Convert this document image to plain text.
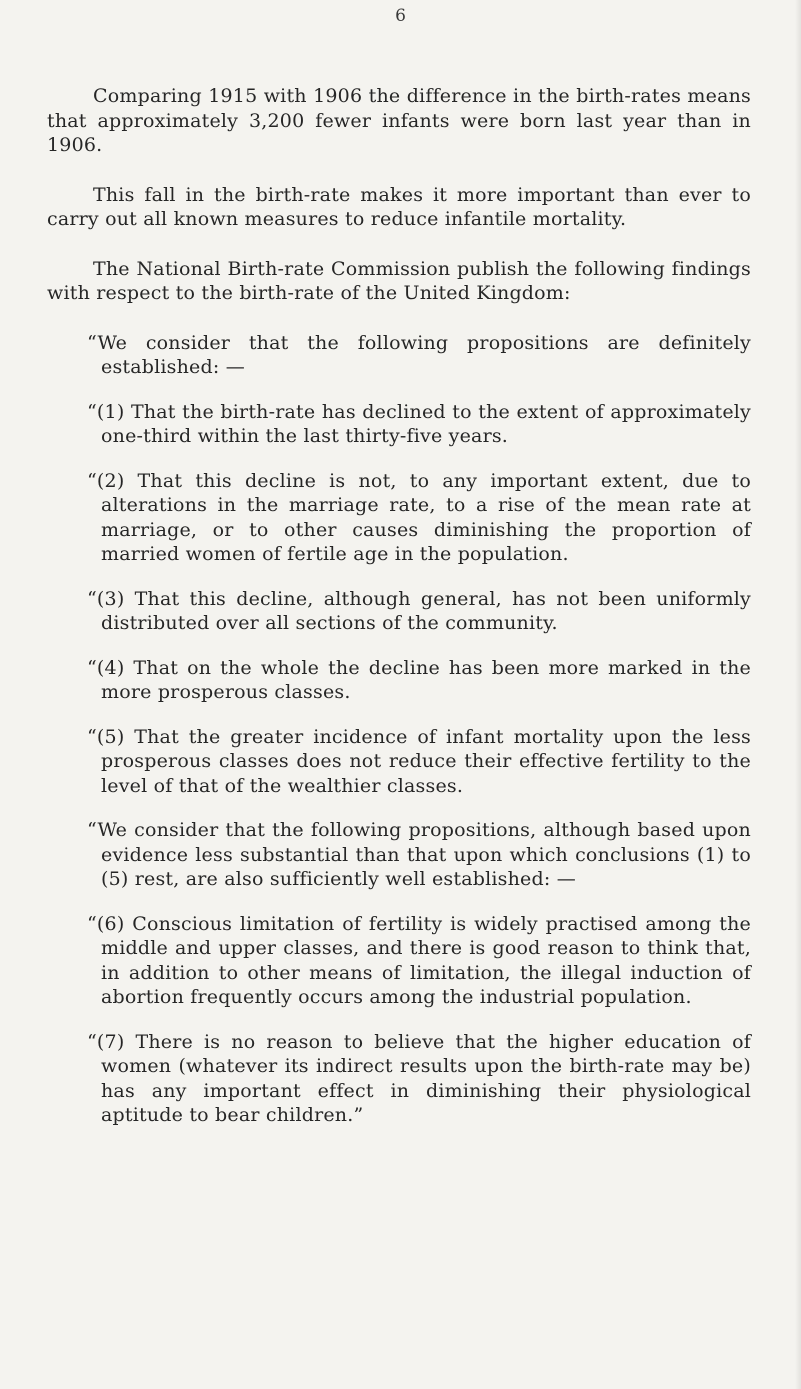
6

Comparing 1915 with 1906 the difference in the birth-rates means that approximately 3,200 fewer infants were born last year than in 1906.

This fall in the birth-rate makes it more important than ever to carry out all known measures to reduce infantile mortality.

The National Birth-rate Commission publish the following findings with respect to the birth-rate of the United Kingdom:

“We consider that the following propositions are definitely established: —

“(1) That the birth-rate has declined to the extent of approximately one-third within the last thirty-five years.

“(2) That this decline is not, to any important extent, due to alterations in the marriage rate, to a rise of the mean rate at marriage, or to other causes diminishing the proportion of married women of fertile age in the population.

“(3) That this decline, although general, has not been uniformly distributed over all sections of the community.

“(4) That on the whole the decline has been more marked in the more prosperous classes.

“(5) That the greater incidence of infant mortality upon the less prosperous classes does not reduce their effective fertility to the level of that of the wealthier classes.

“We consider that the following propositions, although based upon evidence less substantial than that upon which conclusions (1) to (5) rest, are also sufficiently well established: —

“(6) Conscious limitation of fertility is widely practised among the middle and upper classes, and there is good reason to think that, in addition to other means of limitation, the illegal induction of abortion frequently occurs among the industrial population.

“(7) There is no reason to believe that the higher education of women (whatever its indirect results upon the birth-rate may be) has any important effect in diminishing their physiological aptitude to bear children.”
